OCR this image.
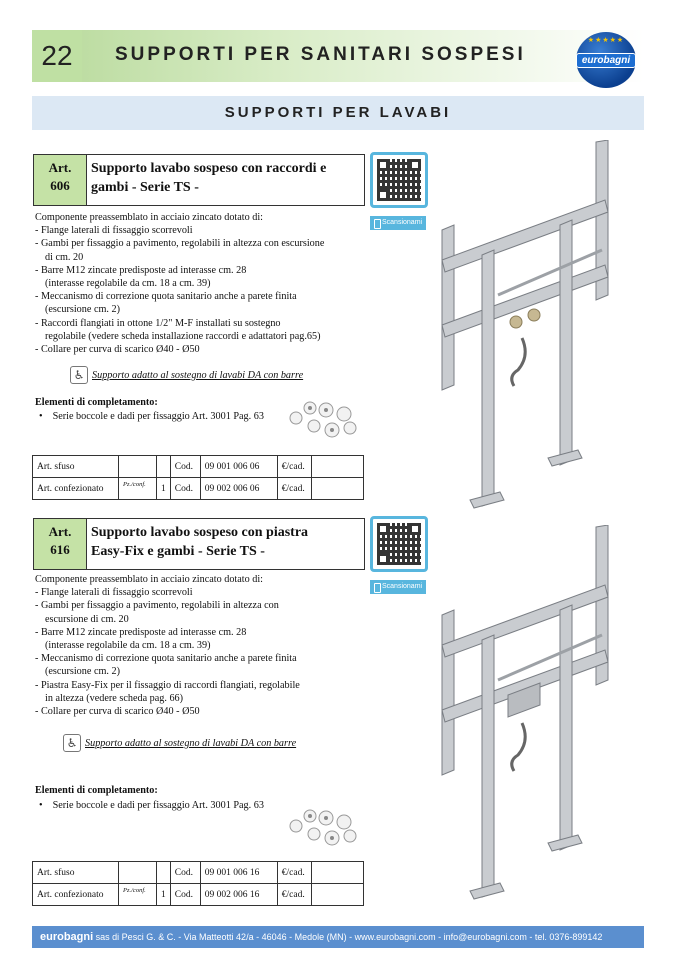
22	SUPPORTI PER SANITARI SOSPESI
★★★★★
eurobagni
SUPPORTI PER LAVABI
Art.
606
Supporto lavabo sospeso con raccordi e
gambi - Serie TS -
Scansionami

Componente preassemblato in acciaio zincato dotato di:

- Flange laterali di fissaggio scorrevoli

- Gambi per fissaggio a pavimento, regolabili in altezza con escursione

di cm. 20

- Barre M12 zincate predisposte ad interasse cm. 28

(interasse regolabile da cm. 18 a cm. 39)

- Meccanismo di correzione quota sanitario anche a parete finita

(escursione cm. 2)

- Raccordi flangiati in ottone 1/2" M-F installati su sostegno

regolabile (vedere scheda installazione raccordi e adattatori pag.65)

- Collare per curva di scarico Ø40 - Ø50

♿ Supporto adatto al sostegno di lavabi DA con barre
Elementi di completamento:
• Serie boccole e dadi per fissaggio Art. 3001 Pag. 63
Art. sfuso			Cod.	09 001 006 06	€/cad.	
Art. confezionato	Pz./conf.	1	Cod.	09 002 006 06	€/cad.	
Art.
616
Supporto lavabo sospeso con piastra
Easy-Fix e gambi - Serie TS -
Scansionami

Componente preassemblato in acciaio zincato dotato di:

- Flange laterali di fissaggio scorrevoli

- Gambi per fissaggio a pavimento, regolabili in altezza con

escursione di cm. 20

- Barre M12 zincate predisposte ad interasse cm. 28

(interasse regolabile da cm. 18 a cm. 39)

- Meccanismo di correzione quota sanitario anche a parete finita

(escursione cm. 2)

- Piastra Easy-Fix per il fissaggio di raccordi flangiati, regolabile

in altezza (vedere scheda pag. 66)

- Collare per curva di scarico Ø40 - Ø50

♿ Supporto adatto al sostegno di lavabi DA con barre
Elementi di completamento:
• Serie boccole e dadi per fissaggio Art. 3001 Pag. 63
Art. sfuso			Cod.	09 001 006 16	€/cad.	
Art. confezionato	Pz./conf.	1	Cod.	09 002 006 16	€/cad.	
eurobagni sas di Pesci G. & C. - Via Matteotti 42/a - 46046 - Medole (MN) - www.eurobagni.com - info@eurobagni.com - tel. 0376-899142
